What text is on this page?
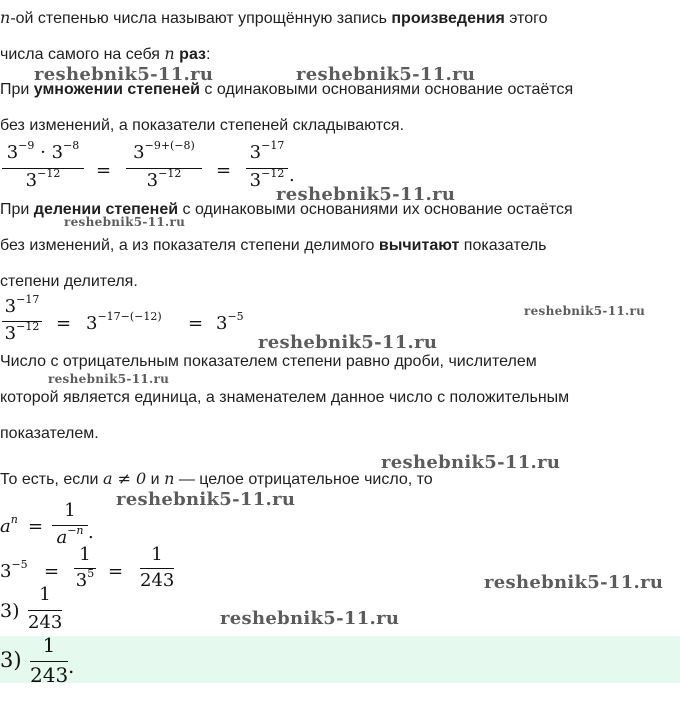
n-ой степенью числа называют упрощённую запись произведения этого
числа самого на себя n раз:
При умножении степеней с одинаковыми основаниями основание остаётся
без изменений, а показатели степеней складываются.
$3^{-9} \cdot 3^{-8}$
$3^{-12}$	=
$3^{-9+(-8)}$
$3^{-12}$	=
$3^{-17}$
$3^{-12}$ .
При делении степеней с одинаковыми основаниями их основание остаётся
без изменений, а из показателя степени делимого вычитают показатель
степени делителя.
$3^{-17}$
$3^{-12} = 3^{-17-(-12)} = 3^{-5}$
Число с отрицательным показателем степени равно дроби, числителем
которой является единица, а знаменателем данное число с положительным
показателем.
То есть, если a ≠ 0 и n — целое отрицательное число, то
$a^n$ =
1
$a^{-n}$ .
$3^{-5}$ =
1
$3^5$ =
1
243
3)
1
243
3)
1
243 .
reshebnik5-11.ru	reshebnik5-11.ru
reshebnik5-11.ru
reshebnik5-11.ru
reshebnik5-11.ru
reshebnik5-11.ru
reshebnik5-11.ru
reshebnik5-11.ru
reshebnik5-11.ru
reshebnik5-11.ru
reshebnik5-11.ru
